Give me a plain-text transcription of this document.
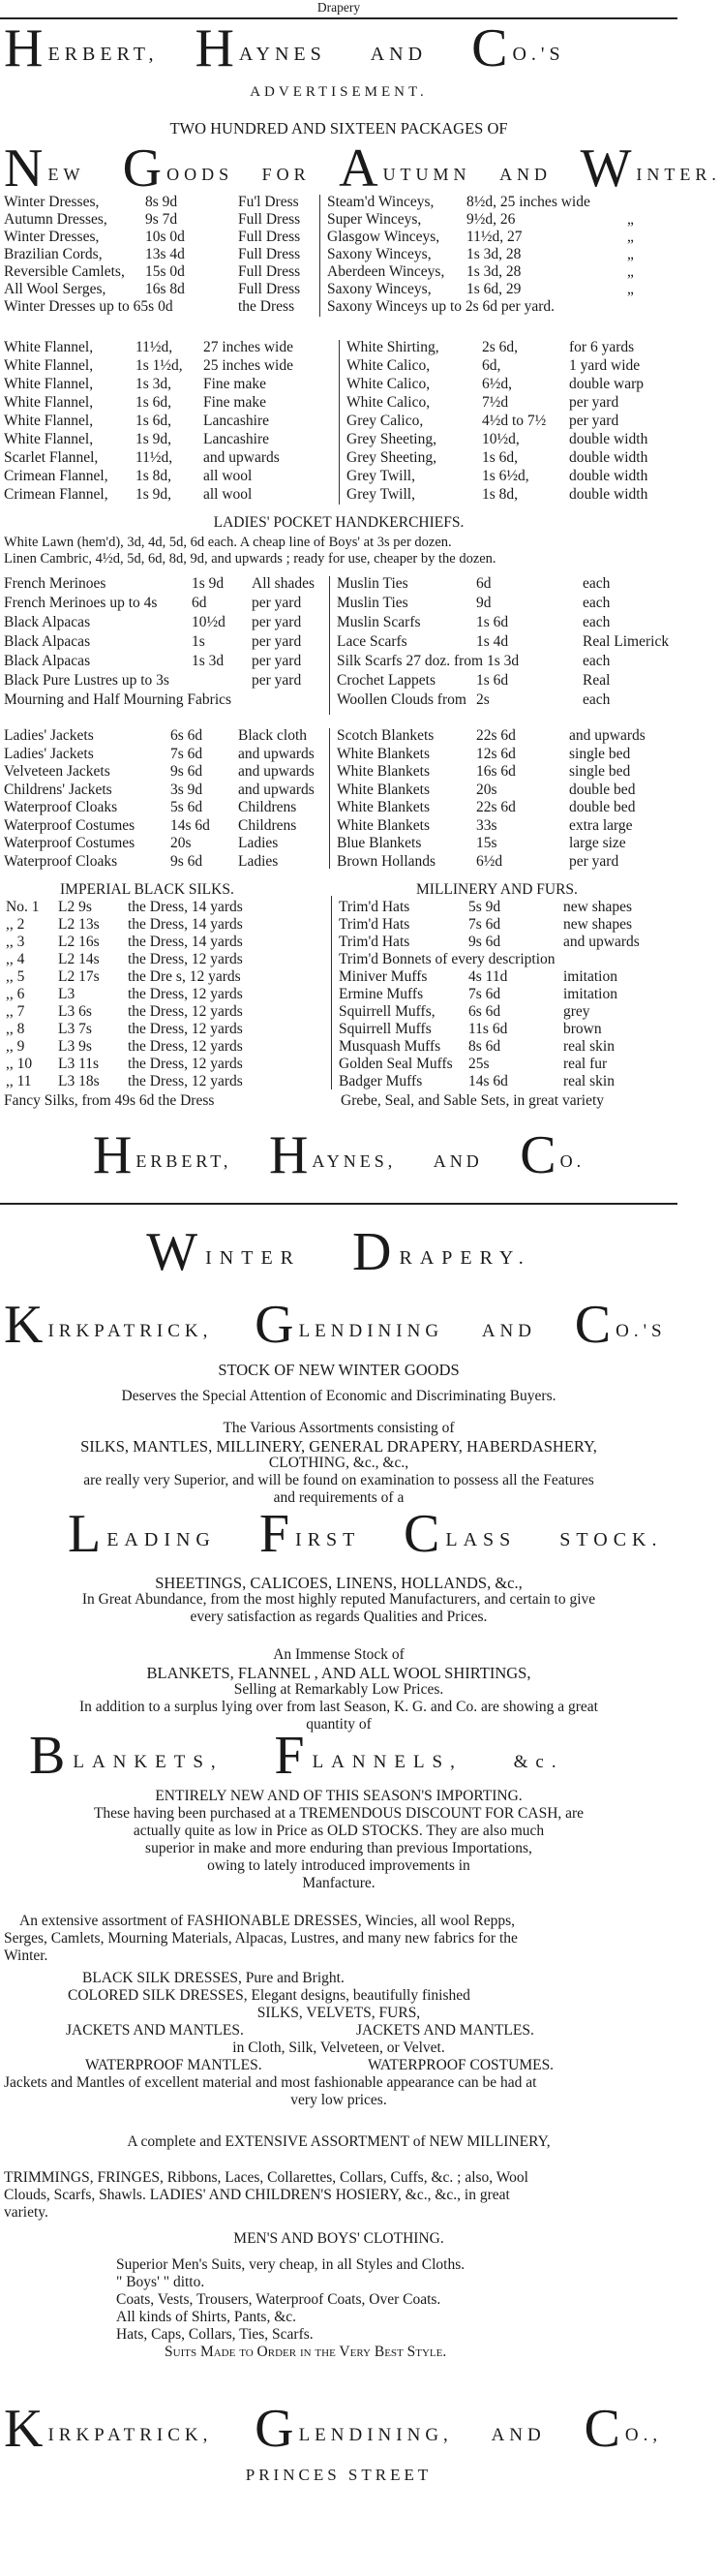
Drapery
HERBERT, HAYNES AND CO.'S
ADVERTISEMENT.
TWO HUNDRED AND SIXTEEN PACKAGES OF
NEW GOODS FOR AUTUMN AND WINTER.
Winter Dresses,	8s 9d	Fu'l Dress
Autumn Dresses,	9s 7d	Full Dress
Winter Dresses,	10s 0d	Full Dress
Brazilian Cords,	13s 4d	Full Dress
Reversible Camlets, 15s 0d	Full Dress
All Wool Serges,	16s 8d	Full Dress
Winter Dresses up to 65s 0d	the Dress
Steam'd Winceys, 8½d, 25 inches wide
Super Winceys,	9½d, 26	„
Glasgow Winceys, 11½d, 27	„
Saxony Winceys, 1s 3d, 28	„
Aberdeen Winceys, 1s 3d, 28	„
Saxony Winceys, 1s 6d, 29	„
Saxony Winceys up to 2s 6d per yard.
White Flannel,	11½d, 27 inches wide
White Flannel,	1s 1½d, 25 inches wide
White Flannel,	1s 3d, Fine make
White Flannel,	1s 6d, Fine make
White Flannel,	1s 6d, Lancashire
White Flannel,	1s 9d, Lancashire
Scarlet Flannel, 11½d, and upwards
Crimean Flannel, 1s 8d, all wool
Crimean Flannel, 1s 9d, all wool
White Shirting,	2s 6d,	for 6 yards
White Calico,	6d,	1 yard wide
White Calico,	6½d,	double warp
White Calico,	7½d	per yard
Grey Calico,	4½d to 7½ per yard
Grey Sheeting,	10½d,	double width
Grey Sheeting,	1s 6d,	double width
Grey Twill,	1s 6½d,	double width
Grey Twill,	1s 8d,	double width
LADIES' POCKET HANDKERCHIEFS.
White Lawn (hem'd), 3d, 4d, 5d, 6d each. A cheap line of Boys' at 3s per dozen.
Linen Cambric, 4½d, 5d, 6d, 8d, 9d, and upwards ; ready for use, cheaper by the dozen.
French Merinoes	1s 9d All shades
French Merinoes up to 4s 6d	per yard
Black Alpacas	10½d per yard
Black Alpacas	1s	per yard
Black Alpacas	1s 3d per yard
Black Pure Lustres up to 3s	per yard
Mourning and Half Mourning Fabrics
Muslin Ties	6d	each
Muslin Ties	9d	each
Muslin Scarfs	1s 6d	each
Lace Scarfs	1s 4d	Real Limerick
Silk Scarfs 27 doz. from 1s 3d	each
Crochet Lappets	1s 6d	Real
Woollen Clouds from 2s	each
Ladies' Jackets	6s 6d Black cloth
Ladies' Jackets	7s 6d and upwards
Velveteen Jackets	9s 6d and upwards
Childrens' Jackets	3s 9d and upwards
Waterproof Cloaks	5s 6d Childrens
Waterproof Costumes 14s 6d Childrens
Waterproof Costumes 20s	Ladies
Waterproof Cloaks	9s 6d Ladies
Scotch Blankets	22s 6d	and upwards
White Blankets	12s 6d	single bed
White Blankets	16s 6d	single bed
White Blankets	20s	double bed
White Blankets	22s 6d	double bed
White Blankets	33s	extra large
Blue Blankets	15s	large size
Brown Hollands	6½d	per yard
IMPERIAL BLACK SILKS.	MILLINERY AND FURS.
No. 1 L2 9s the Dress, 14 yards
,, 2 L2 13s the Dress, 14 yards
,, 3 L2 16s the Dress, 14 yards
,, 4 L2 14s the Dress, 12 yards
,, 5 L2 17s the Dre s, 12 yards
,, 6 L3	the Dress, 12 yards
,, 7 L3 6s the Dress, 12 yards
,, 8 L3 7s the Dress, 12 yards
,, 9 L3 9s the Dress, 12 yards
,, 10 L3 11s the Dress, 12 yards
,, 11 L3 18s the Dress, 12 yards
Trim'd Hats	5s 9d	new shapes
Trim'd Hats	7s 6d	new shapes
Trim'd Hats	9s 6d	and upwards
Trim'd Bonnets of every description
Miniver Muffs	4s 11d	imitation
Ermine Muffs	7s 6d	imitation
Squirrell Muffs, 6s 6d	grey
Squirrell Muffs 11s 6d	brown
Musquash Muffs 8s 6d	real skin
Golden Seal Muffs 25s	real fur
Badger Muffs	14s 6d	real skin
Fancy Silks, from 49s 6d the Dress	Grebe, Seal, and Sable Sets, in great variety
HERBERT, HAYNES, AND CO.
WINTER DRAPERY.
KIRKPATRICK, GLENDINING AND CO.'S
STOCK OF NEW WINTER GOODS
Deserves the Special Attention of Economic and Discriminating Buyers.
The Various Assortments consisting of
SILKS, MANTLES, MILLINERY, GENERAL DRAPERY, HABERDASHERY,
CLOTHING, &c., &c.,
are really very Superior, and will be found on examination to possess all the Features
and requirements of a
LEADING FIRST CLASS STOCK.
SHEETINGS, CALICOES, LINENS, HOLLANDS, &c.,
In Great Abundance, from the most highly reputed Manufacturers, and certain to give
every satisfaction as regards Qualities and Prices.
An Immense Stock of
BLANKETS, FLANNEL , AND ALL WOOL SHIRTINGS,
Selling at Remarkably Low Prices.
In addition to a surplus lying over from last Season, K. G. and Co. are showing a great
quantity of
BLANKETS, FLANNELS,	&c.
ENTIRELY NEW AND OF THIS SEASON'S IMPORTING.
These having been purchased at a TREMENDOUS DISCOUNT FOR CASH, are
actually quite as low in Price as OLD STOCKS. They are also much
superior in make and more enduring than previous Importations,
owing to lately introduced improvements in
Manfacture.
An extensive assortment of FASHIONABLE DRESSES, Wincies, all wool Repps,
Serges, Camlets, Mourning Materials, Alpacas, Lustres, and many new fabrics for the
Winter.
BLACK SILK DRESSES, Pure and Bright.
COLORED SILK DRESSES, Elegant designs, beautifully finished
SILKS, VELVETS, FURS,
JACKETS AND MANTLES.	JACKETS AND MANTLES.
in Cloth, Silk, Velveteen, or Velvet.
WATERPROOF MANTLES.	WATERPROOF COSTUMES.
Jackets and Mantles of excellent material and most fashionable appearance can be had at
very low prices.
A complete and EXTENSIVE ASSORTMENT of NEW MILLINERY,
TRIMMINGS, FRINGES, Ribbons, Laces, Collarettes, Collars, Cuffs, &c. ; also, Wool
Clouds, Scarfs, Shawls. LADIES' AND CHILDREN'S HOSIERY, &c., &c., in great
variety.
MEN'S AND BOYS' CLOTHING.
Superior Men's Suits, very cheap, in all Styles and Cloths.
" Boys' " ditto.
Coats, Vests, Trousers, Waterproof Coats, Over Coats.
All kinds of Shirts, Pants, &c.
Hats, Caps, Collars, Ties, Scarfs.
Suits Made to Order in the Very Best Style.
KIRKPATRICK, GLENDINING, AND CO.,
PRINCES STREET
